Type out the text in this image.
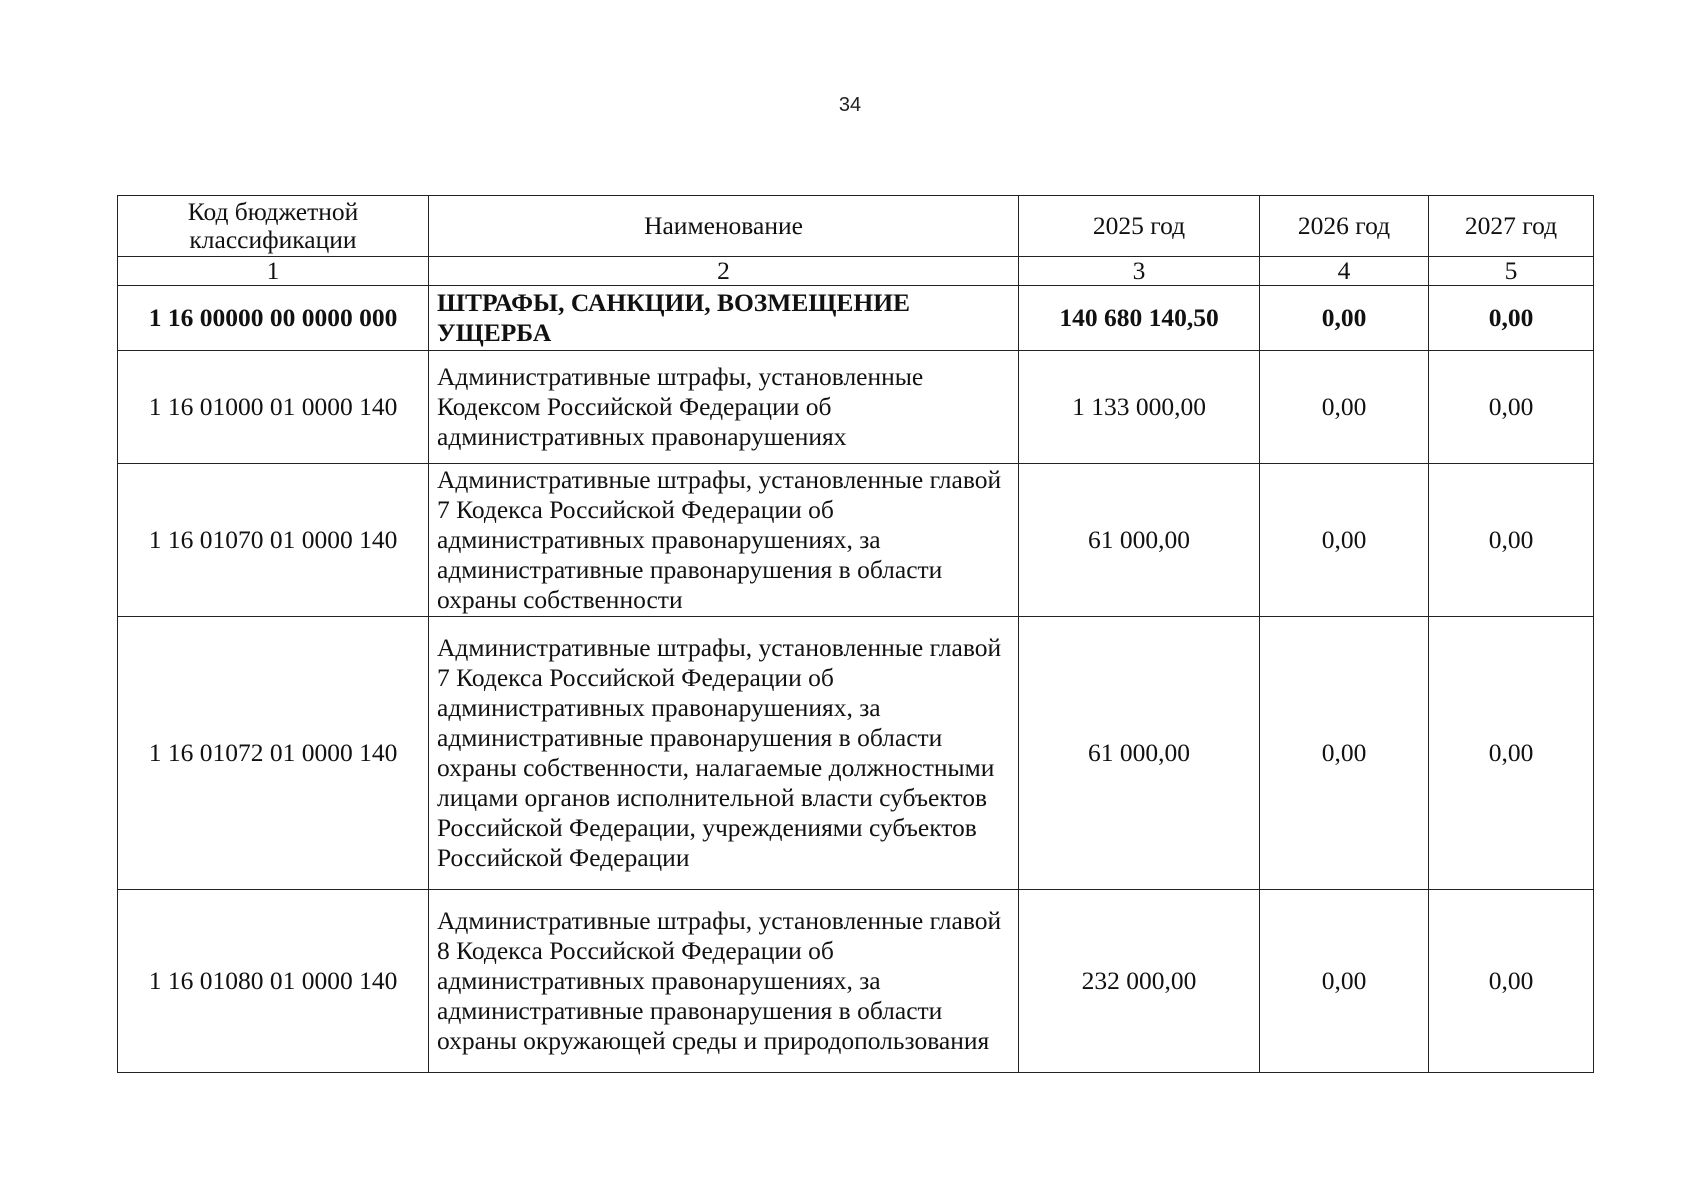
34
Код бюджетной классификации	Наименование	2025 год	2026 год	2027 год
1	2	3	4	5
1 16 00000 00 0000 000	ШТРАФЫ, САНКЦИИ, ВОЗМЕЩЕНИЕ УЩЕРБА	140 680 140,50	0,00	0,00
1 16 01000 01 0000 140	Административные штрафы, установленные Кодексом Российской Федерации об административных правонарушениях	1 133 000,00	0,00	0,00
1 16 01070 01 0000 140	Административные штрафы, установленные главой 7 Кодекса Российской Федерации об административных правонарушениях, за административные правонарушения в области охраны собственности	61 000,00	0,00	0,00
1 16 01072 01 0000 140	Административные штрафы, установленные главой 7 Кодекса Российской Федерации об административных правонарушениях, за административные правонарушения в области охраны собственности, налагаемые должностными лицами органов исполнительной власти субъектов Российской Федерации, учреждениями субъектов Российской Федерации	61 000,00	0,00	0,00
1 16 01080 01 0000 140	Административные штрафы, установленные главой 8 Кодекса Российской Федерации об административных правонарушениях, за административные правонарушения в области охраны окружающей среды и природопользования	232 000,00	0,00	0,00
